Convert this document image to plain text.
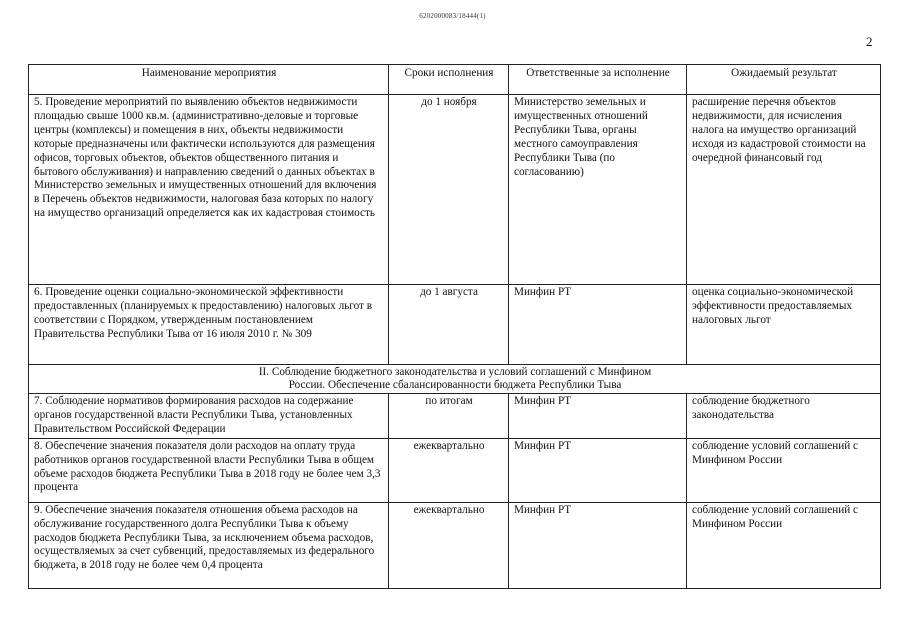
6202000083/18444(1)
2
Наименование мероприятия	Сроки исполнения	Ответственные за исполнение	Ожидаемый результат
5. Проведение мероприятий по выявлению объектов недвижимости площадью свыше 1000 кв.м. (административно-деловые и торговые центры (комплексы) и помещения в них, объекты недвижимости которые предназначены или фактически используются для размещения офисов, торговых объектов, объектов общественного питания и бытового обслуживания) и направлению сведений о данных объектах в Министерство земельных и имущественных отношений для включения в Перечень объектов недвижимости, налоговая база которых по налогу на имущество организаций определяется как их кадастровая стоимость	до 1 ноября	Министерство земельных и имущественных отношений Республики Тыва, органы местного самоуправления Республики Тыва (по согласованию)	расширение перечня объектов недвижимости, для исчисления налога на имущество организаций исходя из кадастровой стоимости на очередной финансовый год
6. Проведение оценки социально-экономической эффективности предоставленных (планируемых к предоставлению) налоговых льгот в соответствии с Порядком, утвержденным постановлением Правительства Республики Тыва от 16 июля 2010 г. № 309	до 1 августа	Минфин РТ	оценка социально-экономической эффективности предоставляемых налоговых льгот

II. Соблюдение бюджетного законодательства и условий соглашений с Минфином
России. Обеспечение сбалансированности бюджета Республики Тыва			

7. Соблюдение нормативов формирования расходов на содержание органов государственной власти Республики Тыва, установленных Правительством Российской Федерации	по итогам	Минфин РТ	соблюдение бюджетного законодательства
8. Обеспечение значения показателя доли расходов на оплату труда работников органов государственной власти Республики Тыва в общем объеме расходов бюджета Республики Тыва в 2018 году не более чем 3,3 процента	ежеквартально	Минфин РТ	соблюдение условий соглашений с Минфином России
9. Обеспечение значения показателя отношения объема расходов на обслуживание государственного долга Республики Тыва к объему расходов бюджета Республики Тыва, за исключением объема расходов, осуществляемых за счет субвенций, предоставляемых из федерального бюджета, в 2018 году не более чем 0,4 процента	ежеквартально	Минфин РТ	соблюдение условий соглашений с Минфином России
